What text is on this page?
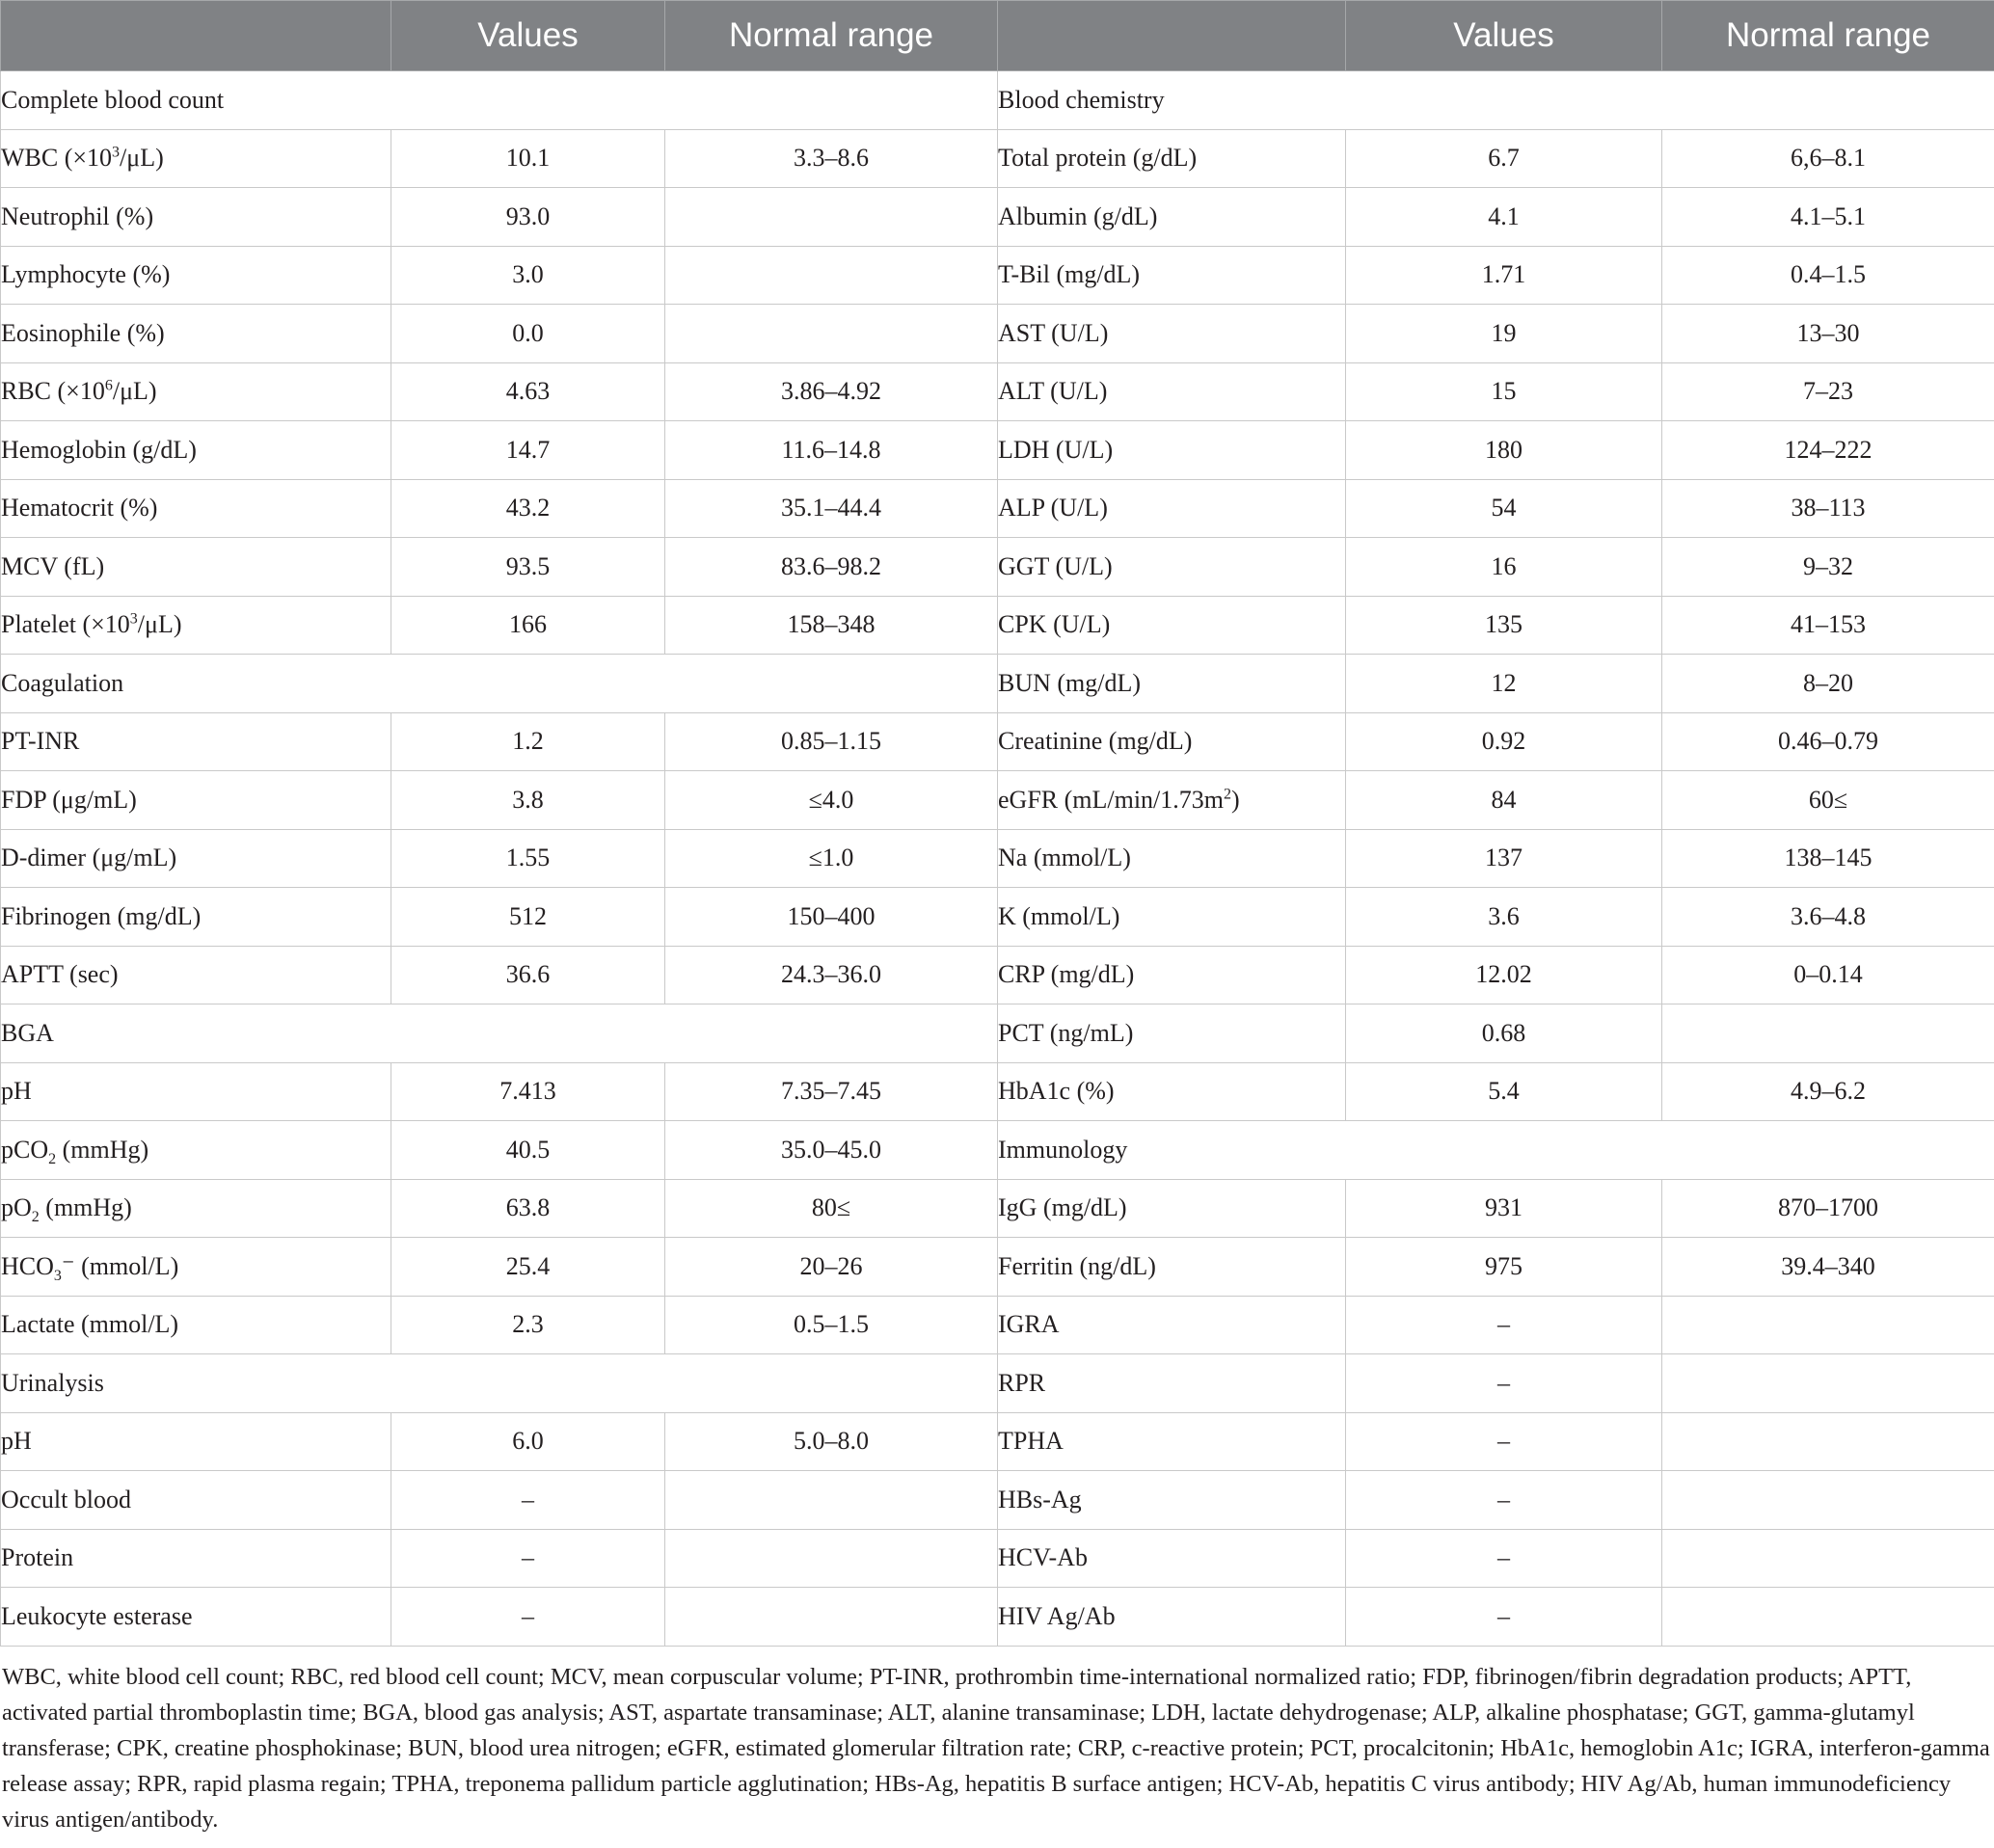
	Values	Normal range		Values	Normal range
Complete blood count			Blood chemistry		
WBC $(\times 10^3/\mu L)$	10.1	3.3–8.6	Total protein (g/dL)	6.7	6,6–8.1
Neutrophil (%)	93.0		Albumin (g/dL)	4.1	4.1–5.1
Lymphocyte (%)	3.0		T-Bil (mg/dL)	1.71	0.4–1.5
Eosinophile (%)	0.0		AST (U/L)	19	13–30
RBC $(\times 10^6/\mu L)$	4.63	3.86–4.92	ALT (U/L)	15	7–23
Hemoglobin (g/dL)	14.7	11.6–14.8	LDH (U/L)	180	124–222
Hematocrit (%)	43.2	35.1–44.4	ALP (U/L)	54	38–113
MCV (fL)	93.5	83.6–98.2	GGT (U/L)	16	9–32
Platelet $(\times 10^3/\mu L)$	166	158–348	CPK (U/L)	135	41–153
Coagulation			BUN (mg/dL)	12	8–20
PT-INR	1.2	0.85–1.15	Creatinine (mg/dL)	0.92	0.46–0.79
FDP (μg/mL)	3.8	≤4.0	eGFR $(mL/\min/1.73m^2)$	84	60≤
D-dimer (μg/mL)	1.55	≤1.0	Na (mmol/L)	137	138–145
Fibrinogen (mg/dL)	512	150–400	K (mmol/L)	3.6	3.6–4.8
APTT (sec)	36.6	24.3–36.0	CRP (mg/dL)	12.02	0–0.14
BGA			PCT (ng/mL)	0.68	
pH	7.413	7.35–7.45	HbA1c (%)	5.4	4.9–6.2
pCO$_2$ (mmHg)	40.5	35.0–45.0	Immunology		
$pO_2$ (mmHg)	63.8	80≤	IgG (mg/dL)	931	870–1700
$HCO_3^-$ (mmol/L)	25.4	20–26	Ferritin (ng/dL)	975	39.4–340
Lactate (mmol/L)	2.3	0.5–1.5	IGRA	–	
Urinalysis			RPR	–	
pH	6.0	5.0–8.0	TPHA	–	
Occult blood	–		HBs-Ag	–	
Protein	–		HCV-Ab	–	
Leukocyte esterase	–		HIV Ag/Ab	–	
WBC, white blood cell count; RBC, red blood cell count; MCV, mean corpuscular volume; PT-INR, prothrombin time-international normalized ratio; FDP, fibrinogen/fibrin degradation products; APTT, activated partial thromboplastin time; BGA, blood gas analysis; AST, aspartate transaminase; ALT, alanine transaminase; LDH, lactate dehydrogenase; ALP, alkaline phosphatase; GGT, gamma-glutamyl transferase; CPK, creatine phosphokinase; BUN, blood urea nitrogen; eGFR, estimated glomerular filtration rate; CRP, c-reactive protein; PCT, procalcitonin; HbA1c, hemoglobin A1c; IGRA, interferon-gamma release assay; RPR, rapid plasma regain; TPHA, treponema pallidum particle agglutination; HBs-Ag, hepatitis B surface antigen; HCV-Ab, hepatitis C virus antibody; HIV Ag/Ab, human immunodeficiency virus antigen/antibody.
